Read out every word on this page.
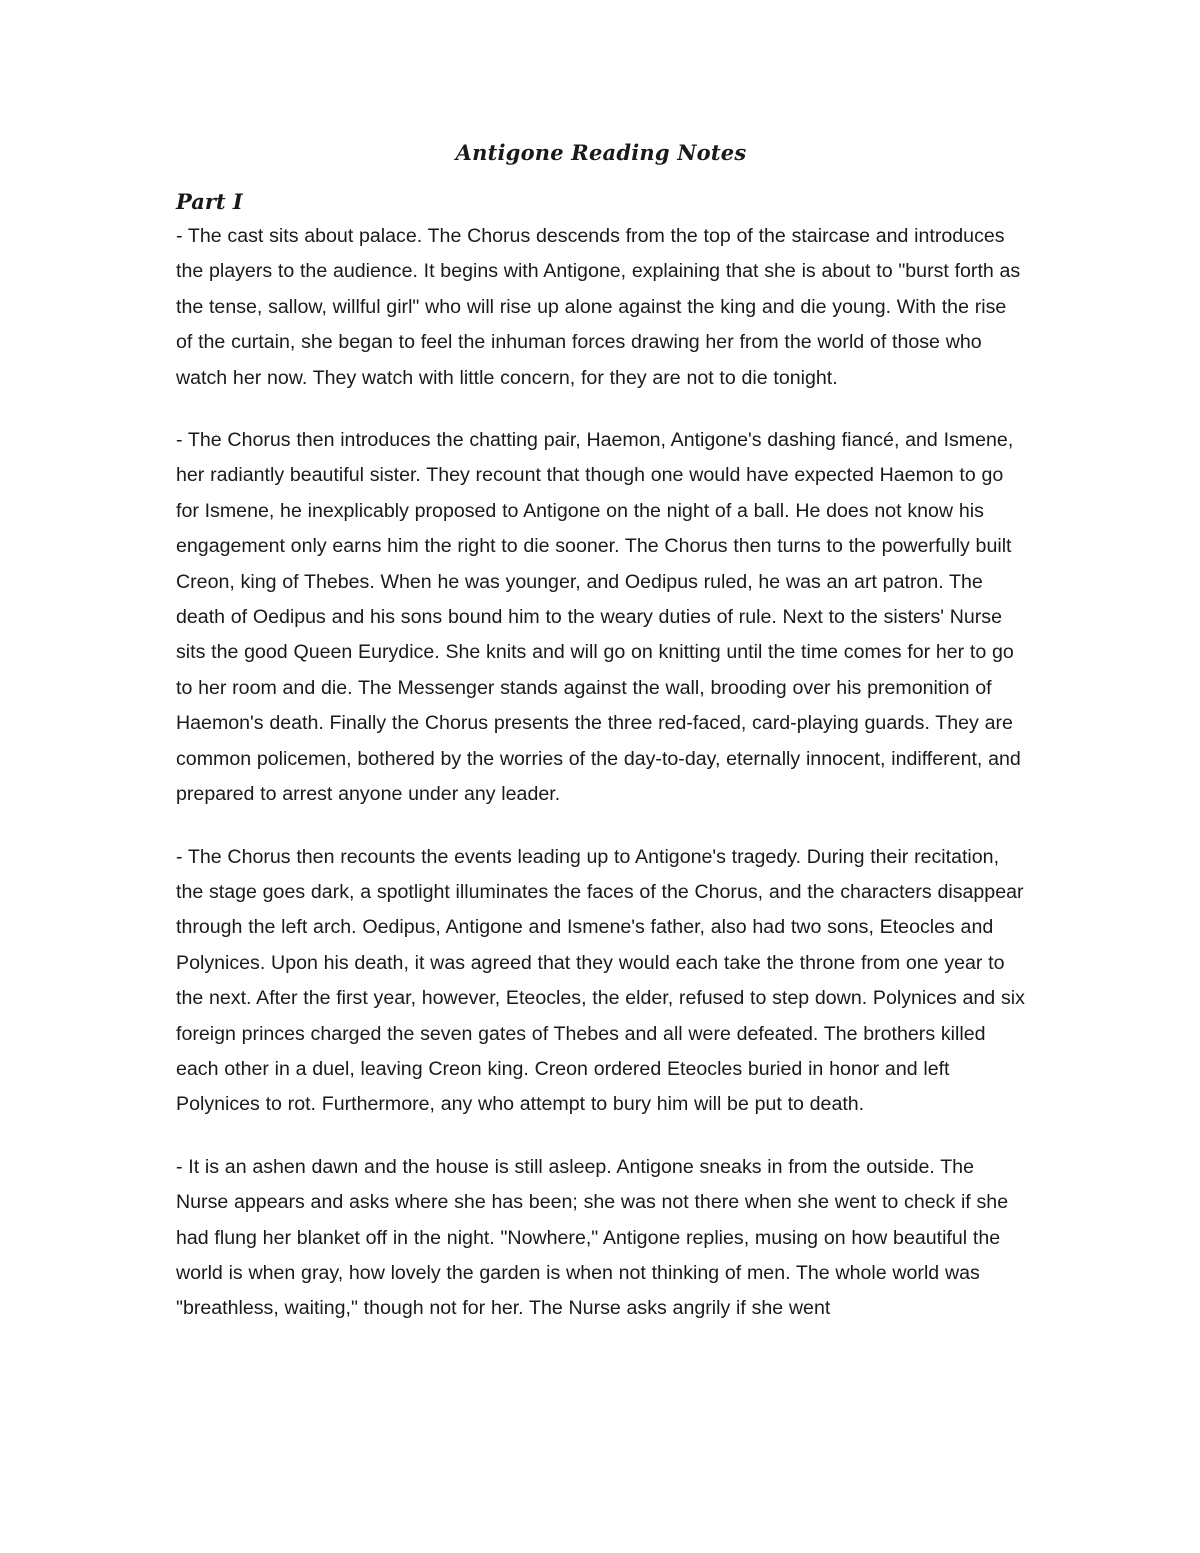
Antigone Reading Notes
Part I

- The cast sits about palace. The Chorus descends from the top of the staircase and introduces the players to the audience. It begins with Antigone, explaining that she is about to "burst forth as the tense, sallow, willful girl" who will rise up alone against the king and die young. With the rise of the curtain, she began to feel the inhuman forces drawing her from the world of those who watch her now. They watch with little concern, for they are not to die tonight.

- The Chorus then introduces the chatting pair, Haemon, Antigone's dashing fiancé, and Ismene, her radiantly beautiful sister. They recount that though one would have expected Haemon to go for Ismene, he inexplicably proposed to Antigone on the night of a ball. He does not know his engagement only earns him the right to die sooner. The Chorus then turns to the powerfully built Creon, king of Thebes. When he was younger, and Oedipus ruled, he was an art patron. The death of Oedipus and his sons bound him to the weary duties of rule. Next to the sisters' Nurse sits the good Queen Eurydice. She knits and will go on knitting until the time comes for her to go to her room and die. The Messenger stands against the wall, brooding over his premonition of Haemon's death. Finally the Chorus presents the three red-faced, card-playing guards. They are common policemen, bothered by the worries of the day-to-day, eternally innocent, indifferent, and prepared to arrest anyone under any leader.

- The Chorus then recounts the events leading up to Antigone's tragedy. During their recitation, the stage goes dark, a spotlight illuminates the faces of the Chorus, and the characters disappear through the left arch. Oedipus, Antigone and Ismene's father, also had two sons, Eteocles and Polynices. Upon his death, it was agreed that they would each take the throne from one year to the next. After the first year, however, Eteocles, the elder, refused to step down. Polynices and six foreign princes charged the seven gates of Thebes and all were defeated. The brothers killed each other in a duel, leaving Creon king. Creon ordered Eteocles buried in honor and left Polynices to rot. Furthermore, any who attempt to bury him will be put to death.

- It is an ashen dawn and the house is still asleep. Antigone sneaks in from the outside. The Nurse appears and asks where she has been; she was not there when she went to check if she had flung her blanket off in the night. "Nowhere," Antigone replies, musing on how beautiful the world is when gray, how lovely the garden is when not thinking of men. The whole world was "breathless, waiting," though not for her. The Nurse asks angrily if she went
